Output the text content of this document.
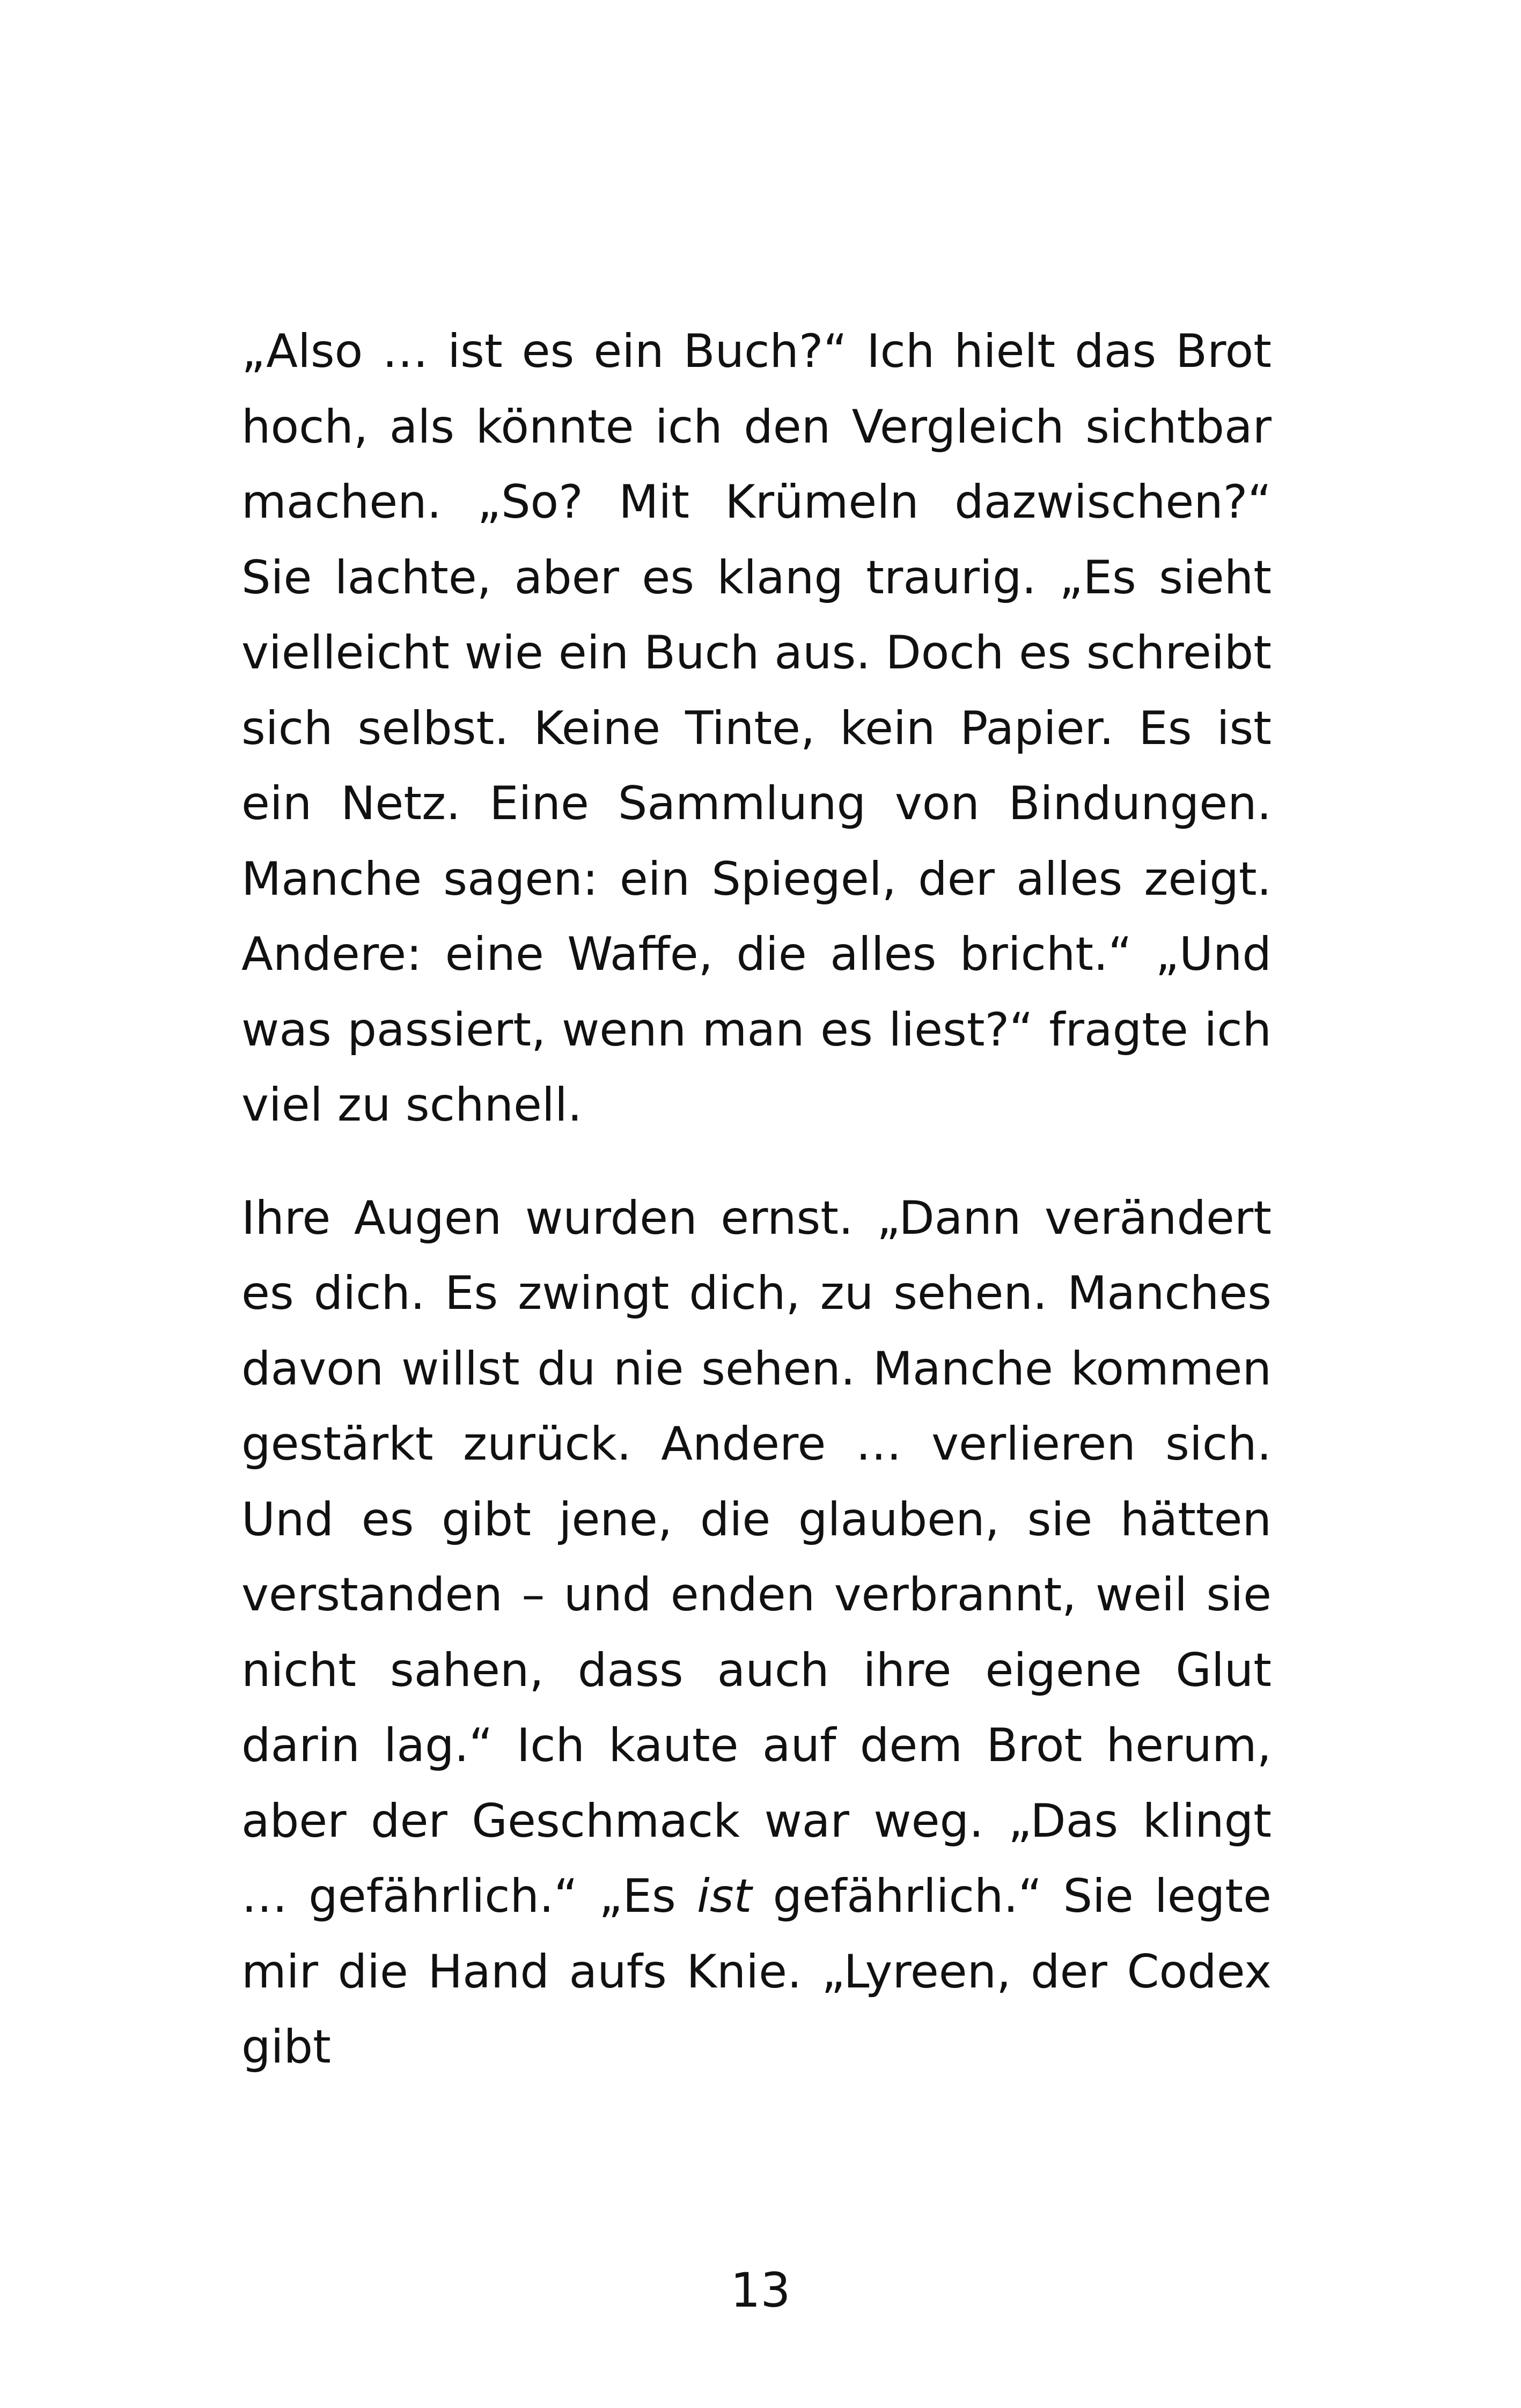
„Also … ist es ein Buch?“ Ich hielt das Brot hoch, als könnte ich den Vergleich sichtbar machen. „So? Mit Krümeln dazwischen?“ Sie lachte, aber es klang traurig. „Es sieht vielleicht wie ein Buch aus. Doch es schreibt sich selbst. Keine Tinte, kein Papier. Es ist ein Netz. Eine Sammlung von Bindungen. Manche sagen: ein Spiegel, der alles zeigt. Andere: eine Waffe, die alles bricht.“ „Und was passiert, wenn man es liest?“ fragte ich viel zu schnell.

Ihre Augen wurden ernst. „Dann verändert es dich. Es zwingt dich, zu sehen. Manches davon willst du nie sehen. Manche kommen gestärkt zurück. Andere … verlieren sich. Und es gibt jene, die glauben, sie hätten verstanden – und enden verbrannt, weil sie nicht sahen, dass auch ihre eigene Glut darin lag.“ Ich kaute auf dem Brot herum, aber der Geschmack war weg. „Das klingt … gefährlich.“ „Es ist gefährlich.“ Sie legte mir die Hand aufs Knie. „Lyreen, der Codex gibt

13
